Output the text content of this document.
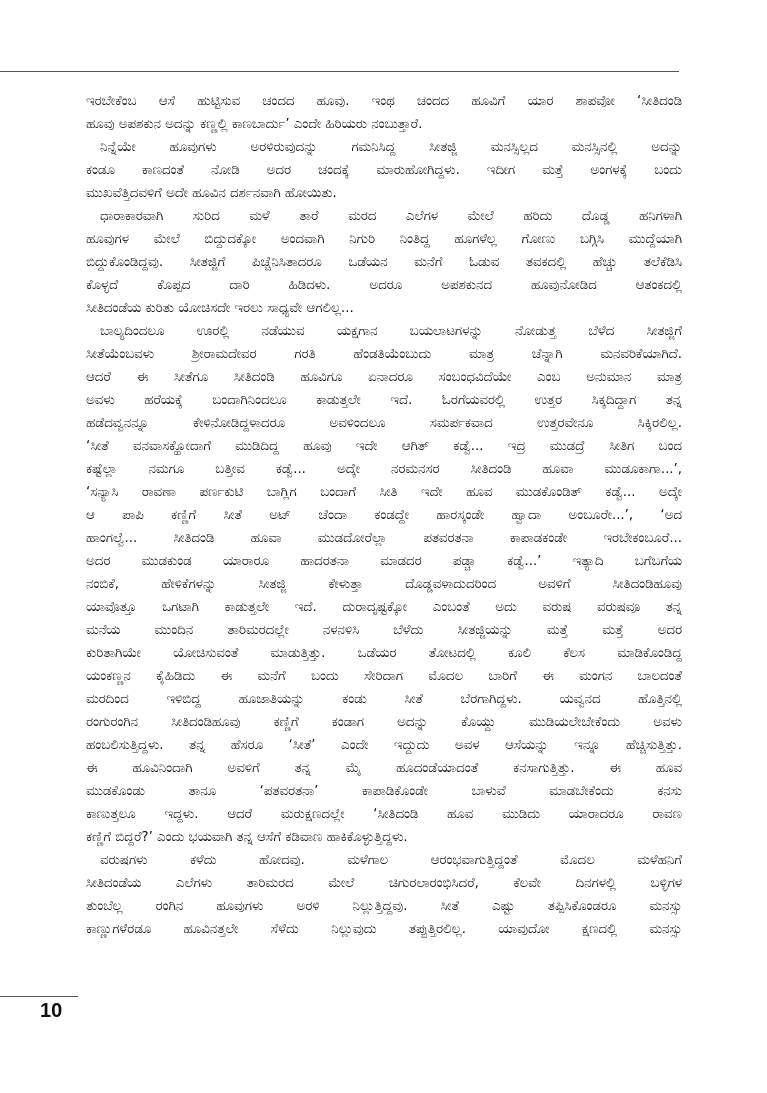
ಇರಬೇಕೆಂಬ ಆಸೆ ಹುಟ್ಟಿಸುವ ಚಂದದ ಹೂವು. ಇಂಥ ಚಂದದ ಹೂವಿಗೆ ಯಾರ ಶಾಪವೋ ‘ಸೀತಿದಂಡಿ
ಹೂವು ಅಪಶಕುನ ಅದನ್ನು ಕಣ್ಣಲ್ಲಿ ಕಾಣಬಾರ್ದು’ ಎಂದೇ ಹಿರಿಯರು ನಂಬುತ್ತಾರೆ.
ನಿನ್ನೆಯೇ ಹೂವುಗಳು ಅರಳಿರುವುದನ್ನು ಗಮನಿಸಿದ್ದ ಸೀತಜ್ಜಿ ಮನಸ್ಸಿಲ್ಲದ ಮನಸ್ಸಿನಲ್ಲಿ ಅದನ್ನು
ಕಂಡೂ ಕಾಣದಂತೆ ನೋಡಿ ಅದರ ಚಂದಕ್ಕೆ ಮಾರುಹೋಗಿದ್ದಳು. ಇದೀಗ ಮತ್ತೆ ಅಂಗಳಕ್ಕೆ ಬಂದು
ಮುಖವೆತ್ತಿದವಳಿಗೆ ಅದೇ ಹೂವಿನ ದರ್ಶನವಾಗಿ ಹೋಯಿತು.
ಧಾರಾಕಾರವಾಗಿ ಸುರಿದ ಮಳೆ ತಾರೆ ಮರದ ಎಲೆಗಳ ಮೇಲೆ ಹರಿದು ದೊಡ್ಡ ಹನಿಗಳಾಗಿ
ಹೂವುಗಳ ಮೇಲೆ ಬಿದ್ದುದಕ್ಕೋ ಅಂದವಾಗಿ ನಿಗುರಿ ನಿಂತಿದ್ದ ಹೂಗಳೆಲ್ಲ ಗೋಣು ಬಗ್ಗಿಸಿ ಮುದ್ದೆಯಾಗಿ
ಬಿದ್ದುಕೊಂಡಿದ್ದವು. ಸೀತಜ್ಜಿಗೆ ಪಿಚ್ಚೆನಿಸಿತಾದರೂ ಒಡೆಯನ ಮನೆಗೆ ಓಡುವ ತವಕದಲ್ಲಿ ಹೆಚ್ಚು ತಲೆಕೆಡಿಸಿ
ಕೊಳ್ಳದೆ ಕೊಪ್ಪದ ದಾರಿ ಹಿಡಿದಳು. ಅದರೂ ಅಪಶಕುನದ ಹೂವುನೋಡಿದ ಆತಂಕದಲ್ಲಿ
ಸೀತಿದಂಡೆಯ ಕುರಿತು ಯೋಚಿಸದೇ ಇರಲು ಸಾಧ್ಯವೇ ಆಗಲಿಲ್ಲ...
ಬಾಲ್ಯದಿಂದಲೂ ಊರಲ್ಲಿ ನಡೆಯುವ ಯಕ್ಷಗಾನ ಬಯಲಾಟಗಳನ್ನು ನೋಡುತ್ತ ಬೆಳೆದ ಸೀತಜ್ಜಿಗೆ
ಸೀತೆಯೆಂಬವಳು ಶ್ರೀರಾಮದೇವರ ಗರತಿ ಹೆಂಡತಿಯೆಂಬುದು ಮಾತ್ರ ಚೆನ್ನಾಗಿ ಮನವರಿಕೆಯಾಗಿದೆ.
ಆದರೆ ಈ ಸೀತೆಗೂ ಸೀತಿದಂಡಿ ಹೂವಿಗೂ ಏನಾದರೂ ಸಂಬಂಧವಿದೆಯೇ ಎಂಬ ಅನುಮಾನ ಮಾತ್ರ
ಅವಳು ಹರೆಯಕ್ಕೆ ಬಂದಾಗಿನಿಂದಲೂ ಕಾಡುತ್ತಲೇ ಇದೆ. ಓರಗೆಯವರಲ್ಲಿ ಉತ್ತರ ಸಿಕ್ಕದಿದ್ದಾಗ ತನ್ನ
ಹಡೆದವ್ವನನ್ನೂ ಕೇಳಿನೋಡಿದ್ದಳಾದರೂ ಅವಳಿಂದಲೂ ಸಮರ್ಪಕವಾದ ಉತ್ತರವೇನೂ ಸಿಕ್ಕಿರಲಿಲ್ಲ.
‘ಸೀತೆ ವನವಾಸಕ್ಹೋದಾಗೆ ಮುಡಿದಿದ್ದ ಹೂವು ಇದೇ ಆಗಿತ್ ಕಡ್ವೆ... ಇದ್ರ ಮುಡದ್ರೆ ಸೀತಿಗ ಬಂದ
ಕಷ್ಟೆಲ್ಲಾ ನಮಗೂ ಬತ್ತೀವ ಕಡ್ವೆ... ಅದ್ಕೇ ನರಮನಸರ ಸೀತಿದಂಡಿ ಹೂವಾ ಮುಡೂಕಾಗಾ...’,
‘ಸನ್ಯಾಸಿ ರಾವಣಾ ಪರ್ಣಕುಟಿ ಬಾಗ್ಲಿಗ ಬಂದಾಗೆ ಸೀತಿ ಇದೇ ಹೂವ ಮುಡಕೊಂಡಿತ್ ಕಡ್ವೆ... ಅದ್ಕೇ
ಆ ಪಾಪಿ ಕಣ್ಣಿಗೆ ಸೀತೆ ಅಟ್ ಚೆಂದಾ ಕಂಡದ್ದೇ ಹಾರಸ್ಕಂಡೇ ಹ್ವಾದಾ ಅಂಬೂರೇ...’, ‘ಅದ
ಹಾಂಗಲ್ವೆ... ಸೀತಿದಂಡಿ ಹೂವಾ ಮುಡದೋರೆಲ್ಲಾ ಪತವರತನಾ ಕಾಪಾಡಕಂಡೇ ಇರಬೇಕಂಬೂರೆ...
ಅದರ ಮುಡಕುಂಡ ಯಾರಾರೂ ಹಾದರತನಾ ಮಾಡದರ ಪಡ್ಚಾ ಕಡ್ವೆ...’ ಇತ್ಯಾದಿ ಬಗೆಬಗೆಯ
ನಂಬಿಕೆ, ಹೇಳಿಕೆಗಳನ್ನು ಸೀತಜ್ಜಿ ಕೇಳುತ್ತಾ ದೊಡ್ಡವಳಾದುದರಿಂದ ಅವಳಿಗೆ ಸೀತಿದಂಡಿಹೂವು
ಯಾವೊತ್ತೂ ಒಗಟಾಗಿ ಕಾಡುತ್ತಲೇ ಇದೆ. ದುರಾದೃಷ್ಟಕ್ಕೋ ಎಂಬಂತೆ ಅದು ವರುಷ ವರುಷವೂ ತನ್ನ
ಮನೆಯ ಮುಂದಿನ ತಾರಿಮರದಲ್ಲೇ ನಳನಳಿಸಿ ಬೆಳೆದು ಸೀತಜ್ಜಿಯನ್ನು ಮತ್ತೆ ಮತ್ತೆ ಅದರ
ಕುರಿತಾಗಿಯೇ ಯೋಚಿಸುವಂತೆ ಮಾಡುತ್ತಿತ್ತು. ಒಡೆಯರ ತೋಟದಲ್ಲಿ ಕೂಲಿ ಕೆಲಸ ಮಾಡಿಕೊಂಡಿದ್ದ
ಯಂಕಣ್ಣನ ಕೈಹಿಡಿದು ಈ ಮನೆಗೆ ಬಂದು ಸೇರಿದಾಗ ಮೊದಲ ಬಾರಿಗೆ ಈ ಮಂಗನ ಬಾಲದಂತೆ
ಮರದಿಂದ ಇಳಿಬಿದ್ದ ಹೂಜಾತಿಯನ್ನು ಕಂಡು ಸೀತೆ ಬೆರಗಾಗಿದ್ದಳು. ಯವ್ವನದ ಹೊತ್ತಿನಲ್ಲಿ
ರಂಗುರಂಗಿನ ಸೀತಿದಂಡಿಹೂವು ಕಣ್ಣಿಗೆ ಕಂಡಾಗ ಅದನ್ನು ಕೊಯ್ದು ಮುಡಿಯಲೇಬೇಕೆಂದು ಅವಳು
ಹಂಬಲಿಸುತ್ತಿದ್ದಳು. ತನ್ನ ಹೆಸರೂ ‘ಸೀತೆ’ ಎಂದೇ ಇದ್ದುದು ಅವಳ ಆಸೆಯನ್ನು ಇನ್ನೂ ಹೆಚ್ಚಿಸುತ್ತಿತ್ತು.
ಈ ಹೂವಿನಿಂದಾಗಿ ಅವಳಿಗೆ ತನ್ನ ಮೈ ಹೂದಂಡೆಯಾದಂತೆ ಕನಸಾಗುತ್ತಿತ್ತು. ಈ ಹೂವ
ಮುಡಕೊಂಡು ತಾನೂ ‘ಪತವರತನಾ’ ಕಾಪಾಡಿಕೊಂಡೇ ಬಾಳುವೆ ಮಾಡಬೇಕೆಂದು ಕನಸು
ಕಾಣುತ್ತಲೂ ಇದ್ದಳು. ಆದರೆ ಮರುಕ್ಷಣದಲ್ಲೇ ‘ಸೀತಿದಂಡಿ ಹೂವ ಮುಡಿದು ಯಾರಾದರೂ ರಾವಣ
ಕಣ್ಣಿಗೆ ಬಿದ್ದರೆ?’ ಎಂದು ಭಯವಾಗಿ ತನ್ನ ಆಸೆಗೆ ಕಡಿವಾಣ ಹಾಕಿಕೊಳ್ಳುತ್ತಿದ್ದಳು.
ವರುಷಗಳು ಕಳೆದು ಹೋದವು. ಮಳೆಗಾಲ ಆರಂಭವಾಗುತ್ತಿದ್ದಂತೆ ಮೊದಲ ಮಳೆಹನಿಗೆ
ಸೀತಿದಂಡೆಯ ಎಲೆಗಳು ತಾರಿಮರದ ಮೇಲೆ ಚಿಗುರಲಾರಂಭಿಸಿದರೆ, ಕೆಲವೇ ದಿನಗಳಲ್ಲಿ ಬಳ್ಳಿಗಳ
ತುಂಬೆಲ್ಲ ರಂಗಿನ ಹೂವುಗಳು ಅರಳಿ ನಿಲ್ಲುತ್ತಿದ್ದವು. ಸೀತೆ ಎಷ್ಟು ತಪ್ಪಿಸಿಕೊಂಡರೂ ಮನಸ್ಸು
ಕಾಣ್ಣುಗಳೆರಡೂ ಹೂವಿನತ್ತಲೇ ಸೆಳೆದು ನಿಲ್ಲುವುದು ತಪ್ಪುತ್ತಿರಲಿಲ್ಲ. ಯಾವುದೋ ಕ್ಷಣದಲ್ಲಿ ಮನಸ್ಸು
10
